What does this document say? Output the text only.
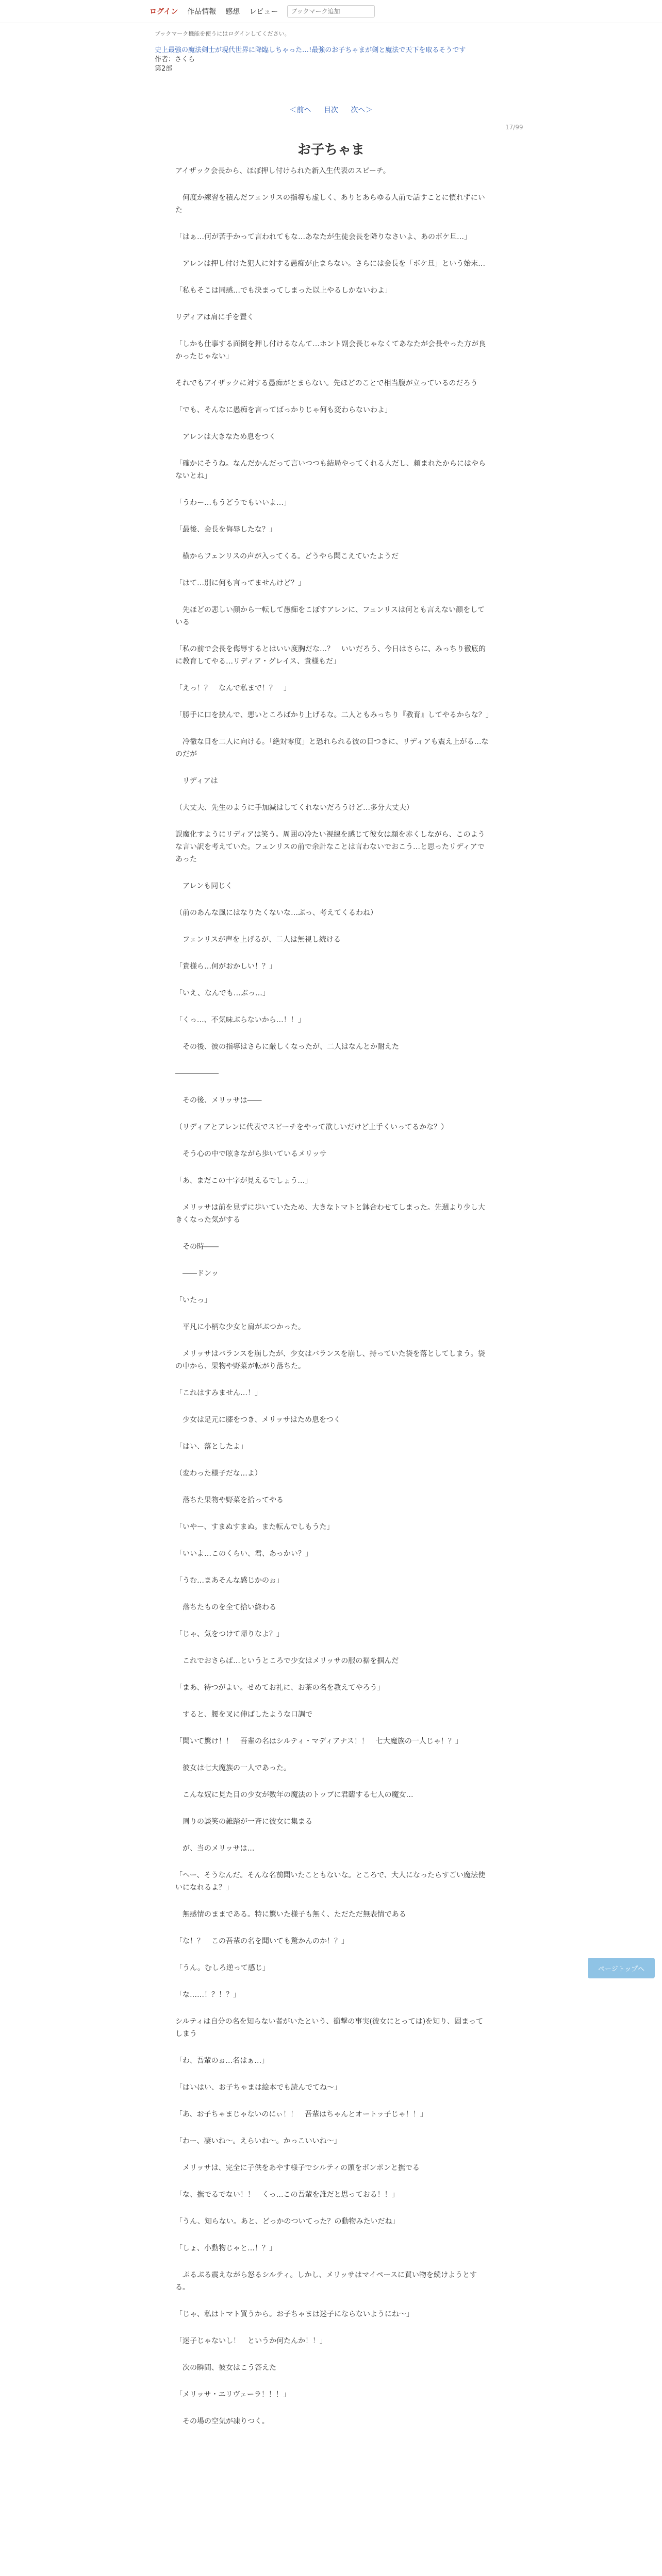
ログイン 作品情報 感想 レビュー
ブックマーク追加
ブックマーク機能を使うにはログインしてください。
史上最強の魔法剣士が現代世界に降臨しちゃった…!最強のお子ちゃまが剣と魔法で天下を取るそうです
作者：さくら
第2部
＜前へ 目次 次へ＞
17/99
お子ちゃま

アイザック会長から、ほぼ押し付けられた新入生代表のスピーチ。

　何度か練習を積んだフェンリスの指導も虚しく、ありとあらゆる人前で話すことに慣れずにいた

「はぁ…何が苦手かって言われてもな…あなたが生徒会長を降りなさいよ、あのボケ旦…」

　アレンは押し付けた犯人に対する愚痴が止まらない。さらには会長を「ボケ旦」という始末…

「私もそこは同感…でも決まってしまった以上やるしかないわよ」

リディアは肩に手を置く

「しかも仕事する面倒を押し付けるなんて…ホント副会長じゃなくてあなたが会長やった方が良かったじゃない」

それでもアイザックに対する愚痴がとまらない。先ほどのことで相当腹が立っているのだろう

「でも、そんなに愚痴を言ってばっかりじゃ何も変わらないわよ」

　アレンは大きなため息をつく

「確かにそうね。なんだかんだって言いつつも結局やってくれる人だし、頼まれたからにはやらないとね」

「うわー…もうどうでもいいよ…」

「最後、会長を侮辱したな？」

　横からフェンリスの声が入ってくる。どうやら聞こえていたようだ

「はて…別に何も言ってませんけど？」

　先ほどの悲しい顔から一転して愚痴をこぼすアレンに、フェンリスは何とも言えない顔をしている

「私の前で会長を侮辱するとはいい度胸だな…？　いいだろう、今日はさらに、みっちり徹底的に教育してやる…リディア・グレイス、貴様もだ」

「えっ！？　なんで私まで！？　」

「勝手に口を挟んで、悪いところばかり上げるな。二人ともみっちり『教育』してやるからな？」

　冷徹な目を二人に向ける。「絶対零度」と恐れられる彼の目つきに、リディアも震え上がる…なのだが

　リディアは

（大丈夫、先生のように手加減はしてくれないだろうけど…多分大丈夫）

誤魔化すようにリディアは笑う。周囲の冷たい視線を感じて彼女は顔を赤くしながら、このような言い訳を考えていた。フェンリスの前で余計なことは言わないでおこう…と思ったリディアであった

　アレンも同じく

（前のあんな風にはなりたくないな…ぶっ、考えてくるわね）

　フェンリスが声を上げるが、二人は無視し続ける

「貴様ら…何がおかしい！？」

「いえ、なんでも…ぶっ…」

「くっ…、不気味ぶらないから…！！」

　その後、彼の指導はさらに厳しくなったが、二人はなんとか耐えた

――――――

　その後、メリッサは――

（リディアとアレンに代表でスピーチをやって欲しいだけど上手くいってるかな？）

　そう心の中で呟きながら歩いているメリッサ

「あ、まだこの十字が見えるでしょう…」

　メリッサは前を見ずに歩いていたため、大きなトマトと鉢合わせてしまった。先週より少し大きくなった気がする

　その時――

　――ドンッ

「いたっ」

　平凡に小柄な少女と肩がぶつかった。

　メリッサはバランスを崩したが、少女はバランスを崩し、持っていた袋を落としてしまう。袋の中から、果物や野菜が転がり落ちた。

「これはすみません…！」

　少女は足元に膝をつき、メリッサはため息をつく

「はい、落としたよ」

（変わった様子だな…よ）

　落ちた果物や野菜を拾ってやる

「いやー、すまぬすまぬ。また転んでしもうた」

「いいよ…このくらい、君、あっかい？」

「うむ…まあそんな感じかのぉ」

　落ちたものを全て拾い終わる

「じゃ、気をつけて帰りなよ？」

　これでおさらば…というところで少女はメリッサの服の裾を掴んだ

「まあ、待つがよい。せめてお礼に、お茶の名を教えてやろう」

　すると、腰を叉に伸ばしたような口調で

「聞いて驚け！！　吾輩の名はシルティ・マディアナス！！　七大魔族の一人じゃ！？」

　彼女は七大魔族の一人であった。

　こんな奴に見た目の少女が数年の魔法のトップに君臨する七人の魔女…

　周りの談笑の雑踏が一斉に彼女に集まる

　が、当のメリッサは…

「へー、そうなんだ。そんな名前聞いたこともないな。ところで、大人になったらすごい魔法使いになれるよ？」

　無感情のままである。特に驚いた様子も無く、ただただ無表情である

「な！？　この吾輩の名を聞いても驚かんのか！？」

「うん。むしろ逆って感じ」

「な……！？！？」

シルティは自分の名を知らない者がいたという、衝撃の事実(彼女にとっては)を知り、固まってしまう

「わ、吾輩のぉ…名はぁ…」

「はいはい、お子ちゃまは絵本でも読んでてね～」

「あ、お子ちゃまじゃないのにぃ！！　吾輩はちゃんとオートッ子じゃ！！」

「わー、凄いね～。えらいね～。かっこいいね～」

　メリッサは、完全に子供をあやす様子でシルティの頭をポンポンと撫でる

「な、撫でるでない！！　くっ…この吾輩を誰だと思っておる！！」

「うん、知らない。あと、どっかのついてった？の動物みたいだね」

「しょ、小動物じゃと…！？」

　ぷるぷる震えながら怒るシルティ。しかし、メリッサはマイペースに買い物を続けようとする。

「じゃ、私はトマト買うから。お子ちゃまは迷子にならないようにね～」

「迷子じゃないし！　というか何たんか！！」

　次の瞬間、彼女はこう答えた

「メリッサ・エリヴェーラ！！！」

　その場の空気が凍りつく。

ページトップへ
